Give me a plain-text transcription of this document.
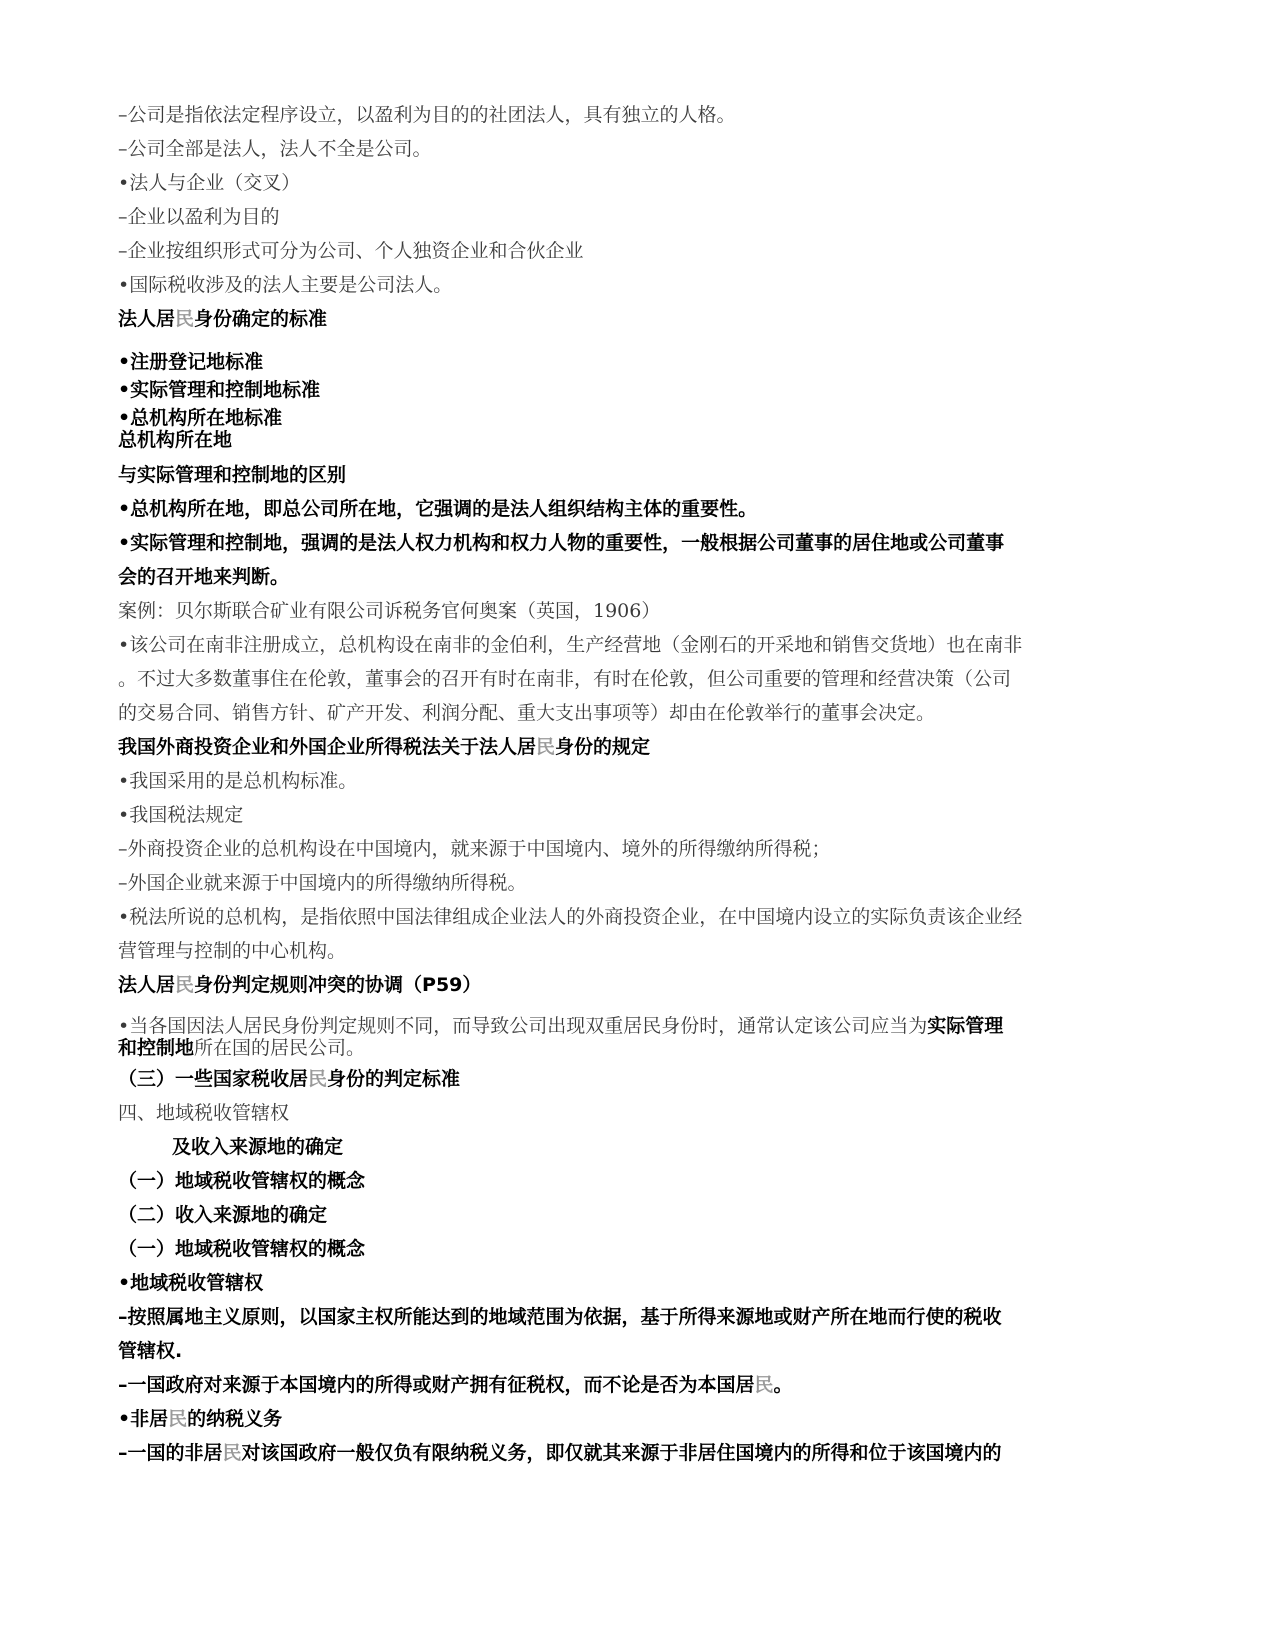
–公司是指依法定程序设立，以盈利为目的的社团法人，具有独立的人格。
–公司全部是法人，法人不全是公司。
•法人与企业（交叉）
–企业以盈利为目的
–企业按组织形式可分为公司、个人独资企业和合伙企业
•国际税收涉及的法人主要是公司法人。
法人居民身份确定的标准
•注册登记地标准
•实际管理和控制地标准
•总机构所在地标准
总机构所在地
与实际管理和控制地的区别
•总机构所在地，即总公司所在地，它强调的是法人组织结构主体的重要性。
•实际管理和控制地，强调的是法人权力机构和权力人物的重要性，一般根据公司董事的居住地或公司董事
会的召开地来判断。
案例：贝尔斯联合矿业有限公司诉税务官何奥案（英国，1906）
•该公司在南非注册成立，总机构设在南非的金伯利，生产经营地（金刚石的开采地和销售交货地）也在南非
。不过大多数董事住在伦敦，董事会的召开有时在南非，有时在伦敦，但公司重要的管理和经营决策（公司
的交易合同、销售方针、矿产开发、利润分配、重大支出事项等）却由在伦敦举行的董事会决定。
我国外商投资企业和外国企业所得税法关于法人居民身份的规定
•我国采用的是总机构标准。
•我国税法规定
–外商投资企业的总机构设在中国境内，就来源于中国境内、境外的所得缴纳所得税；
–外国企业就来源于中国境内的所得缴纳所得税。
•税法所说的总机构，是指依照中国法律组成企业法人的外商投资企业，在中国境内设立的实际负责该企业经
营管理与控制的中心机构。
法人居民身份判定规则冲突的协调（P59）
•当各国因法人居民身份判定规则不同，而导致公司出现双重居民身份时，通常认定该公司应当为实际管理
和控制地所在国的居民公司。
（三）一些国家税收居民身份的判定标准
四、地域税收管辖权
及收入来源地的确定
（一）地域税收管辖权的概念
（二）收入来源地的确定
（一）地域税收管辖权的概念
•地域税收管辖权
–按照属地主义原则，以国家主权所能达到的地域范围为依据，基于所得来源地或财产所在地而行使的税收
管辖权.
–一国政府对来源于本国境内的所得或财产拥有征税权，而不论是否为本国居民。
•非居民的纳税义务
–一国的非居民对该国政府一般仅负有限纳税义务，即仅就其来源于非居住国境内的所得和位于该国境内的
